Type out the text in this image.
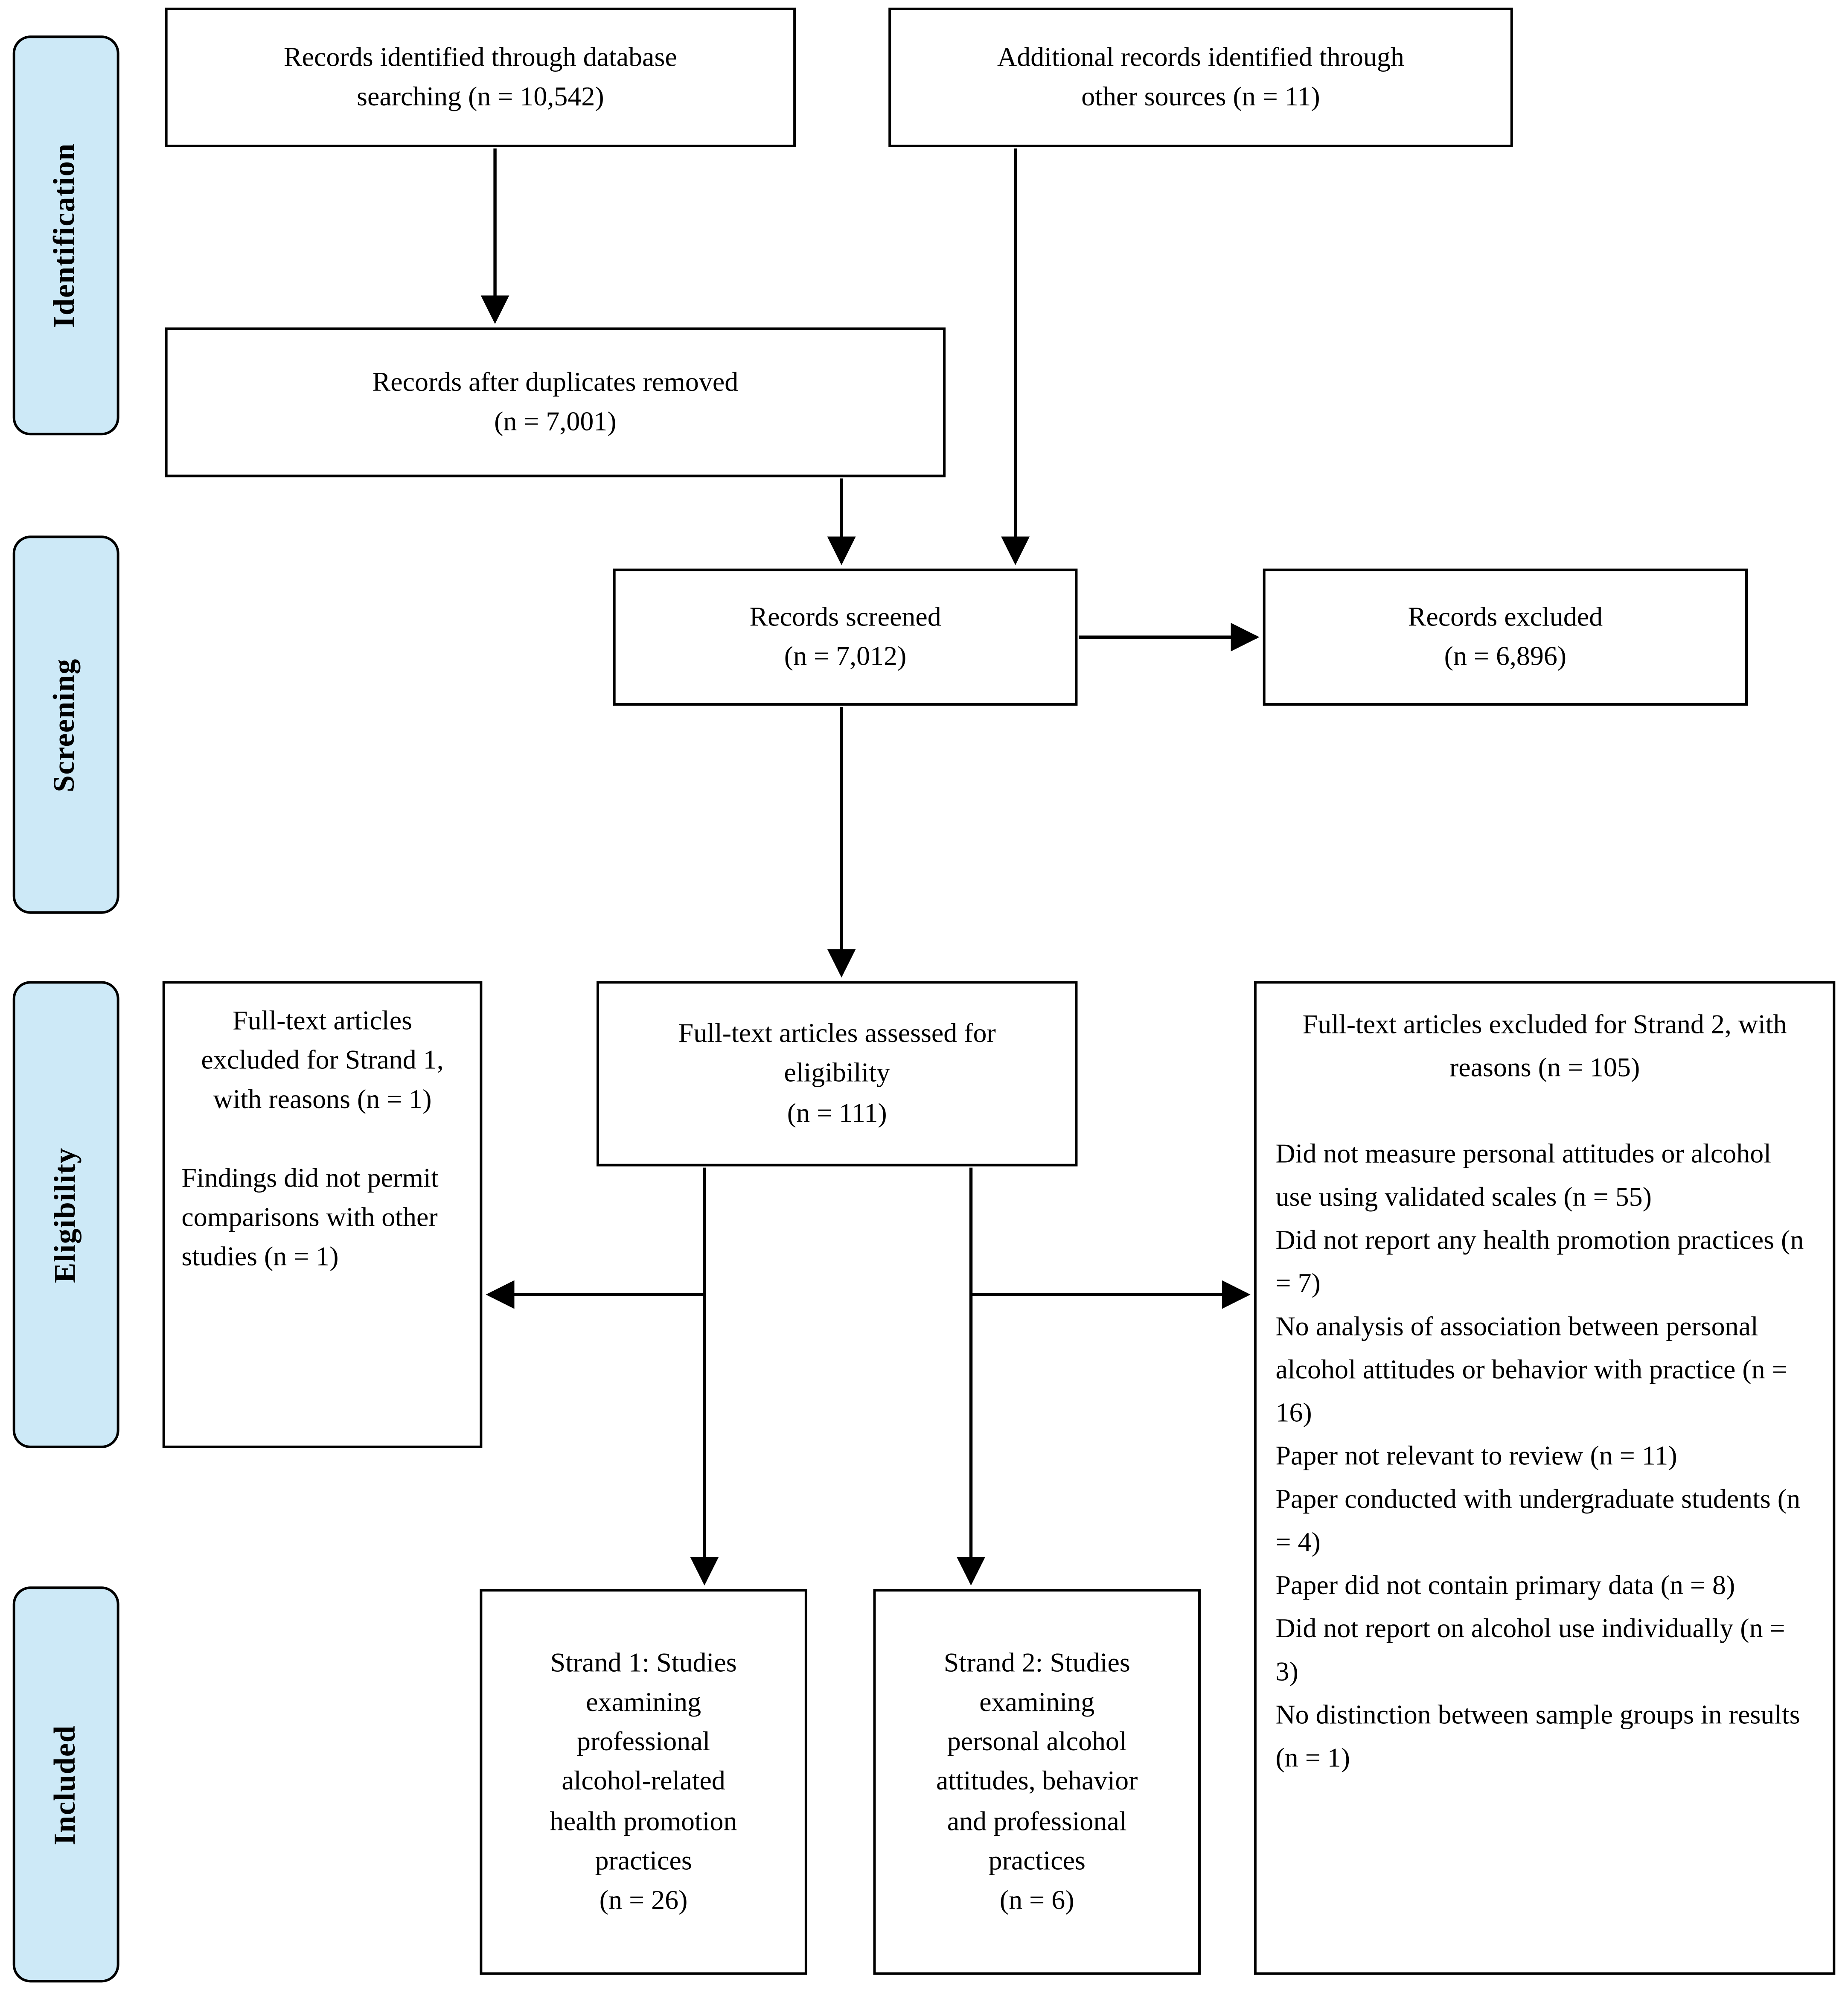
Identification
Screening
Eligibility
Included
Records identified through database
searching (n = 10,542)
Additional records identified through
other sources (n = 11)
Records after duplicates removed
(n = 7,001)
Records screened
(n = 7,012)
Records excluded
(n = 6,896)
Full-text articles excluded for Strand 1, with reasons (n = 1)
Findings did not permit comparisons with other studies (n = 1)
Full-text articles assessed for
eligibility
(n = 111)
Full-text articles excluded for Strand 2, with reasons (n = 105)
Did not measure personal attitudes or alcohol use using validated scales (n = 55)
Did not report any health promotion practices (n = 7)
No analysis of association between personal alcohol attitudes or behavior with practice (n = 16)
Paper not relevant to review (n = 11)
Paper conducted with undergraduate students (n = 4)
Paper did not contain primary data (n = 8)
Did not report on alcohol use individually (n = 3)
No distinction between sample groups in results (n = 1)
Strand 1: Studies
examining
professional
alcohol-related
health promotion
practices
(n = 26)
Strand 2: Studies
examining
personal alcohol
attitudes, behavior
and professional
practices
(n = 6)
